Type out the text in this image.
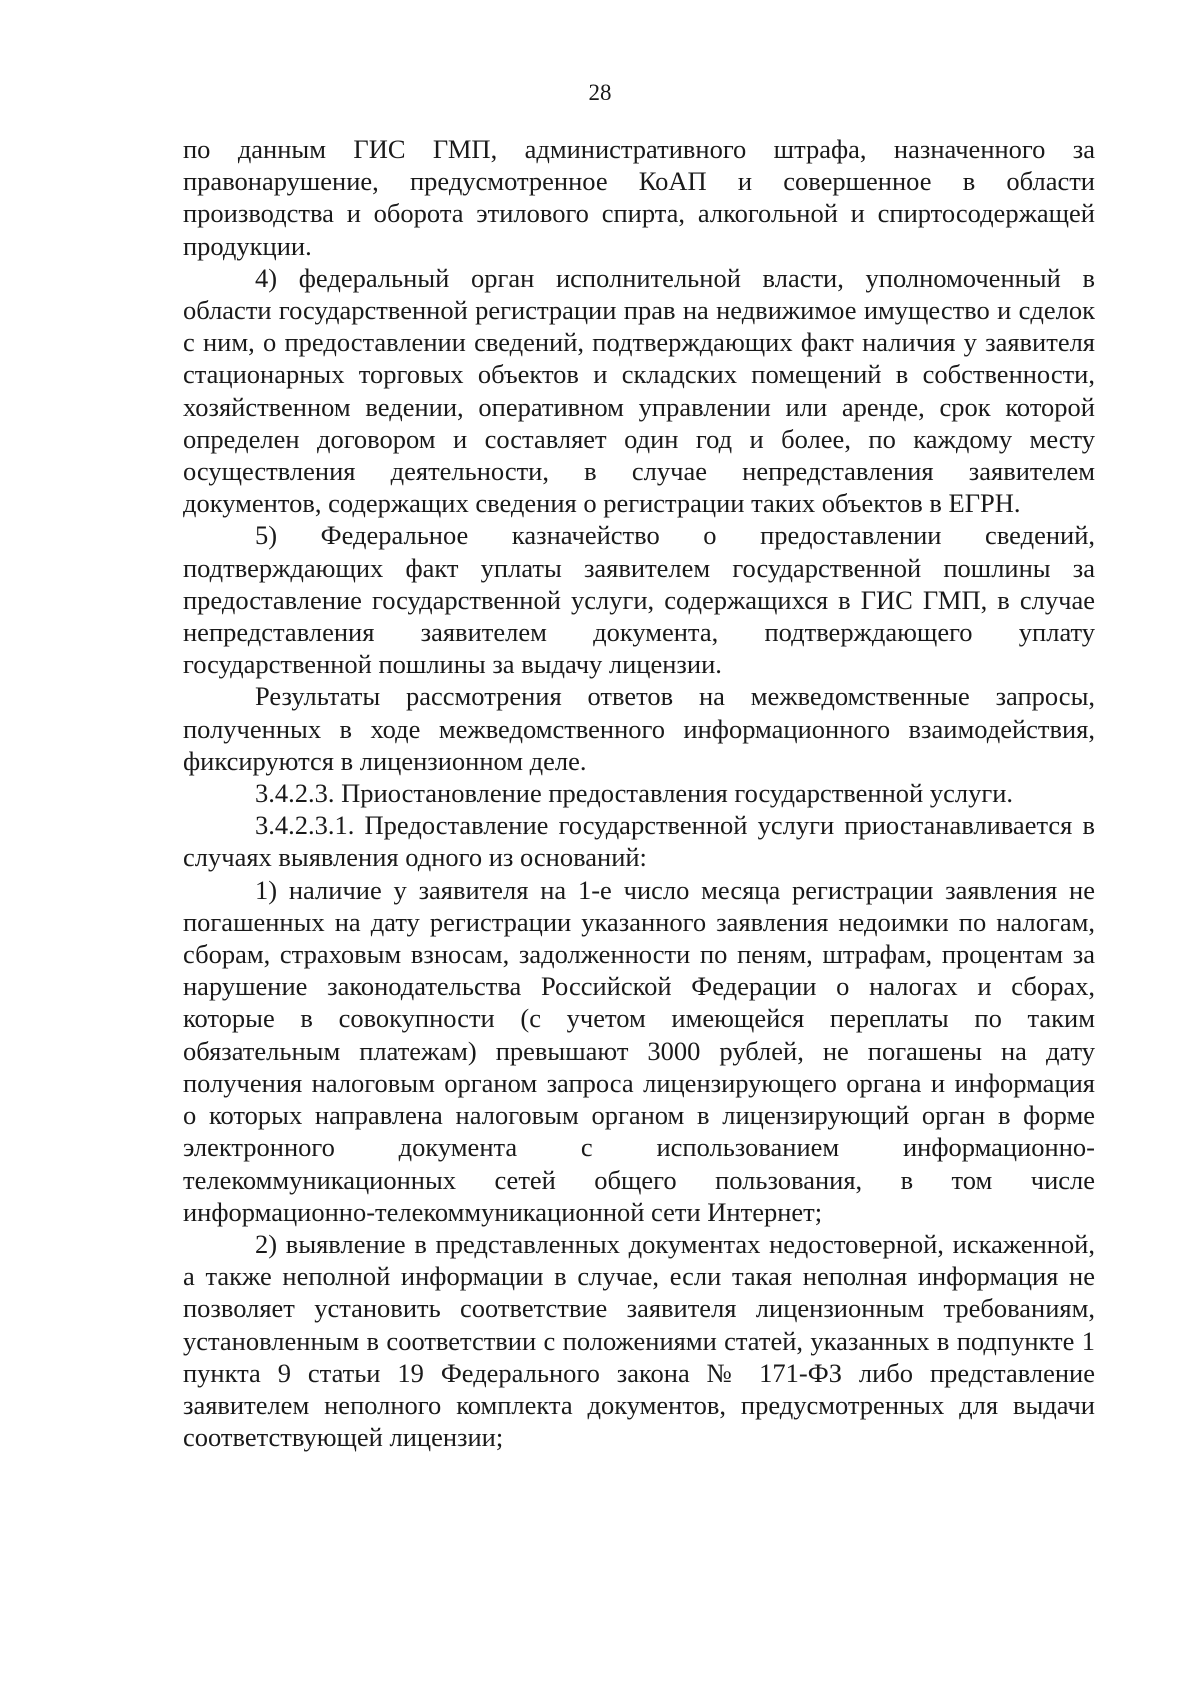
28

по данным ГИС ГМП, административного штрафа, назначенного за правонарушение, предусмотренное КоАП и совершенное в области производства и оборота этилового спирта, алкогольной и спиртосодержащей продукции.

4) федеральный орган исполнительной власти, уполномоченный в области государственной регистрации прав на недвижимое имущество и сделок с ним, о предоставлении сведений, подтверждающих факт наличия у заявителя стационарных торговых объектов и складских помещений в собственности, хозяйственном ведении, оперативном управлении или аренде, срок которой определен договором и составляет один год и более, по каждому месту осуществления деятельности, в случае непредставления заявителем документов, содержащих сведения о регистрации таких объектов в ЕГРН.

5) Федеральное казначейство о предоставлении сведений, подтверждающих факт уплаты заявителем государственной пошлины за предоставление государственной услуги, содержащихся в ГИС ГМП, в случае непредставления заявителем документа, подтверждающего уплату государственной пошлины за выдачу лицензии.

Результаты рассмотрения ответов на межведомственные запросы, полученных в ходе межведомственного информационного взаимодействия, фиксируются в лицензионном деле.

3.4.2.3. Приостановление предоставления государственной услуги.

3.4.2.3.1. Предоставление государственной услуги приостанавливается в случаях выявления одного из оснований:

1) наличие у заявителя на 1-е число месяца регистрации заявления не погашенных на дату регистрации указанного заявления недоимки по налогам, сборам, страховым взносам, задолженности по пеням, штрафам, процентам за нарушение законодательства Российской Федерации о налогах и сборах, которые в совокупности (с учетом имеющейся переплаты по таким обязательным платежам) превышают 3000 рублей, не погашены на дату получения налоговым органом запроса лицензирующего органа и информация о которых направлена налоговым органом в лицензирующий орган в форме электронного документа с использованием информационно-телекоммуникационных сетей общего пользования, в том числе информационно-телекоммуникационной сети Интернет;

2) выявление в представленных документах недостоверной, искаженной, а также неполной информации в случае, если такая неполная информация не позволяет установить соответствие заявителя лицензионным требованиям, установленным в соответствии с положениями статей, указанных в подпункте 1 пункта 9 статьи 19 Федерального закона № 171-ФЗ либо представление заявителем неполного комплекта документов, предусмотренных для выдачи соответствующей лицензии;
